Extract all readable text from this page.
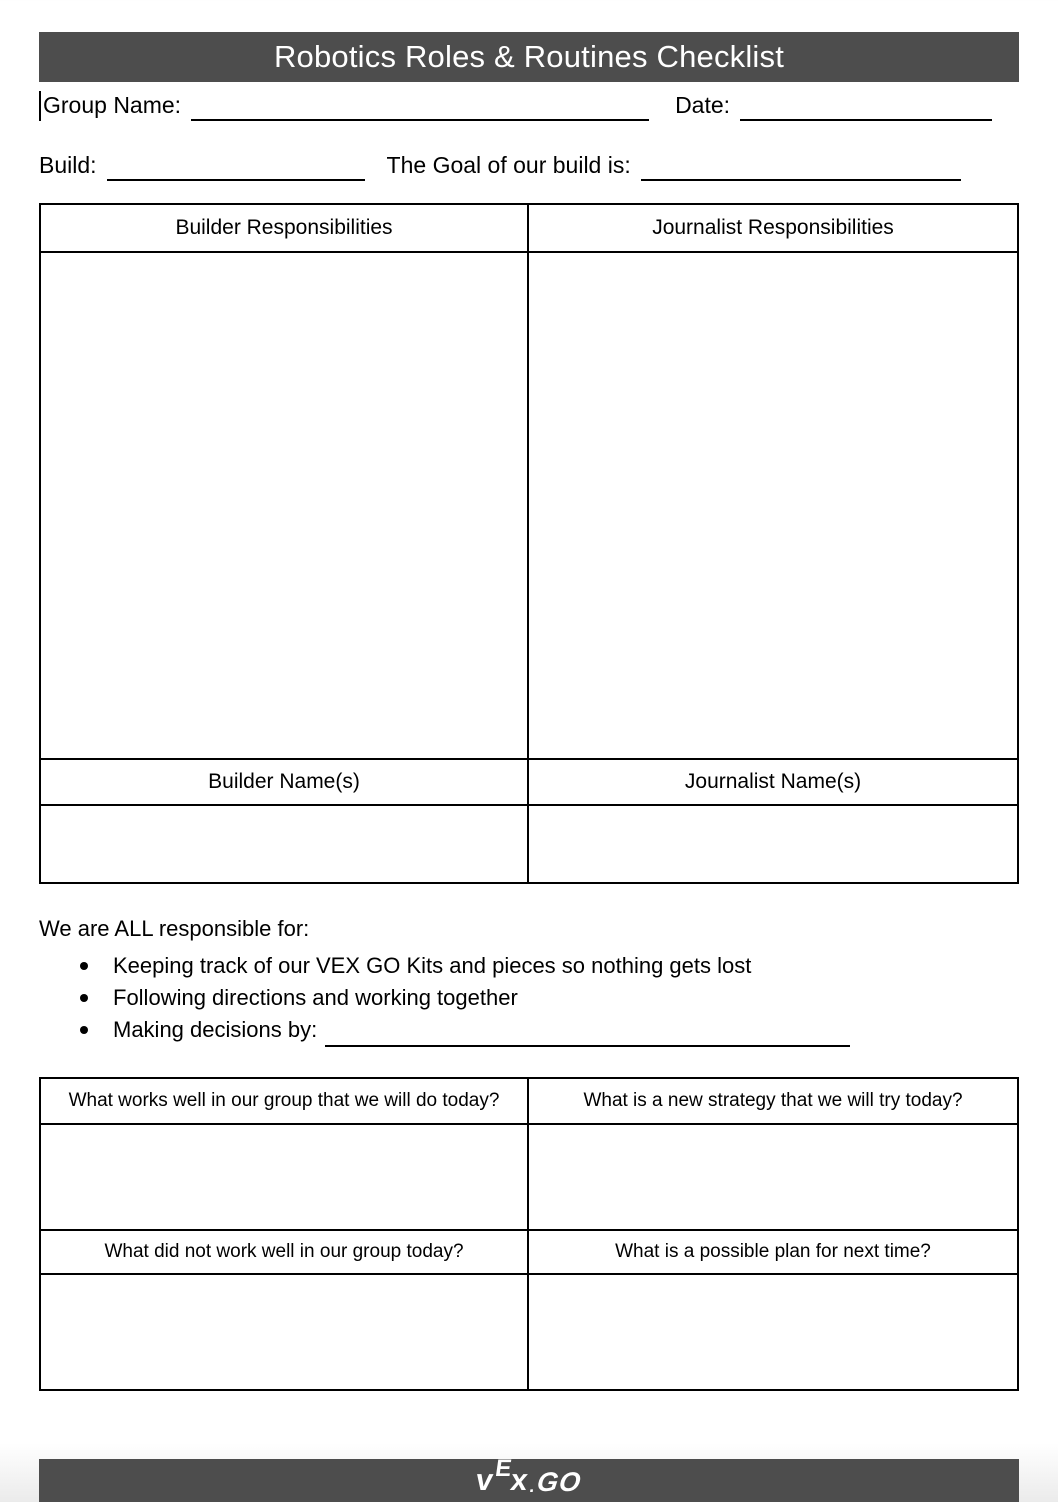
Robotics Roles & Routines Checklist
Group Name:	Date:
Build:	The Goal of our build is:
Builder Responsibilities	Journalist Responsibilities
Builder Name(s)	Journalist Name(s)
We are ALL responsible for:
Keeping track of our VEX GO Kits and pieces so nothing gets lost
Following directions and working together
Making decisions by:
What works well in our group that we will do today?	What is a new strategy that we will try today?
What did not work well in our group today?	What is a possible plan for next time?
v
E
x
. GO
